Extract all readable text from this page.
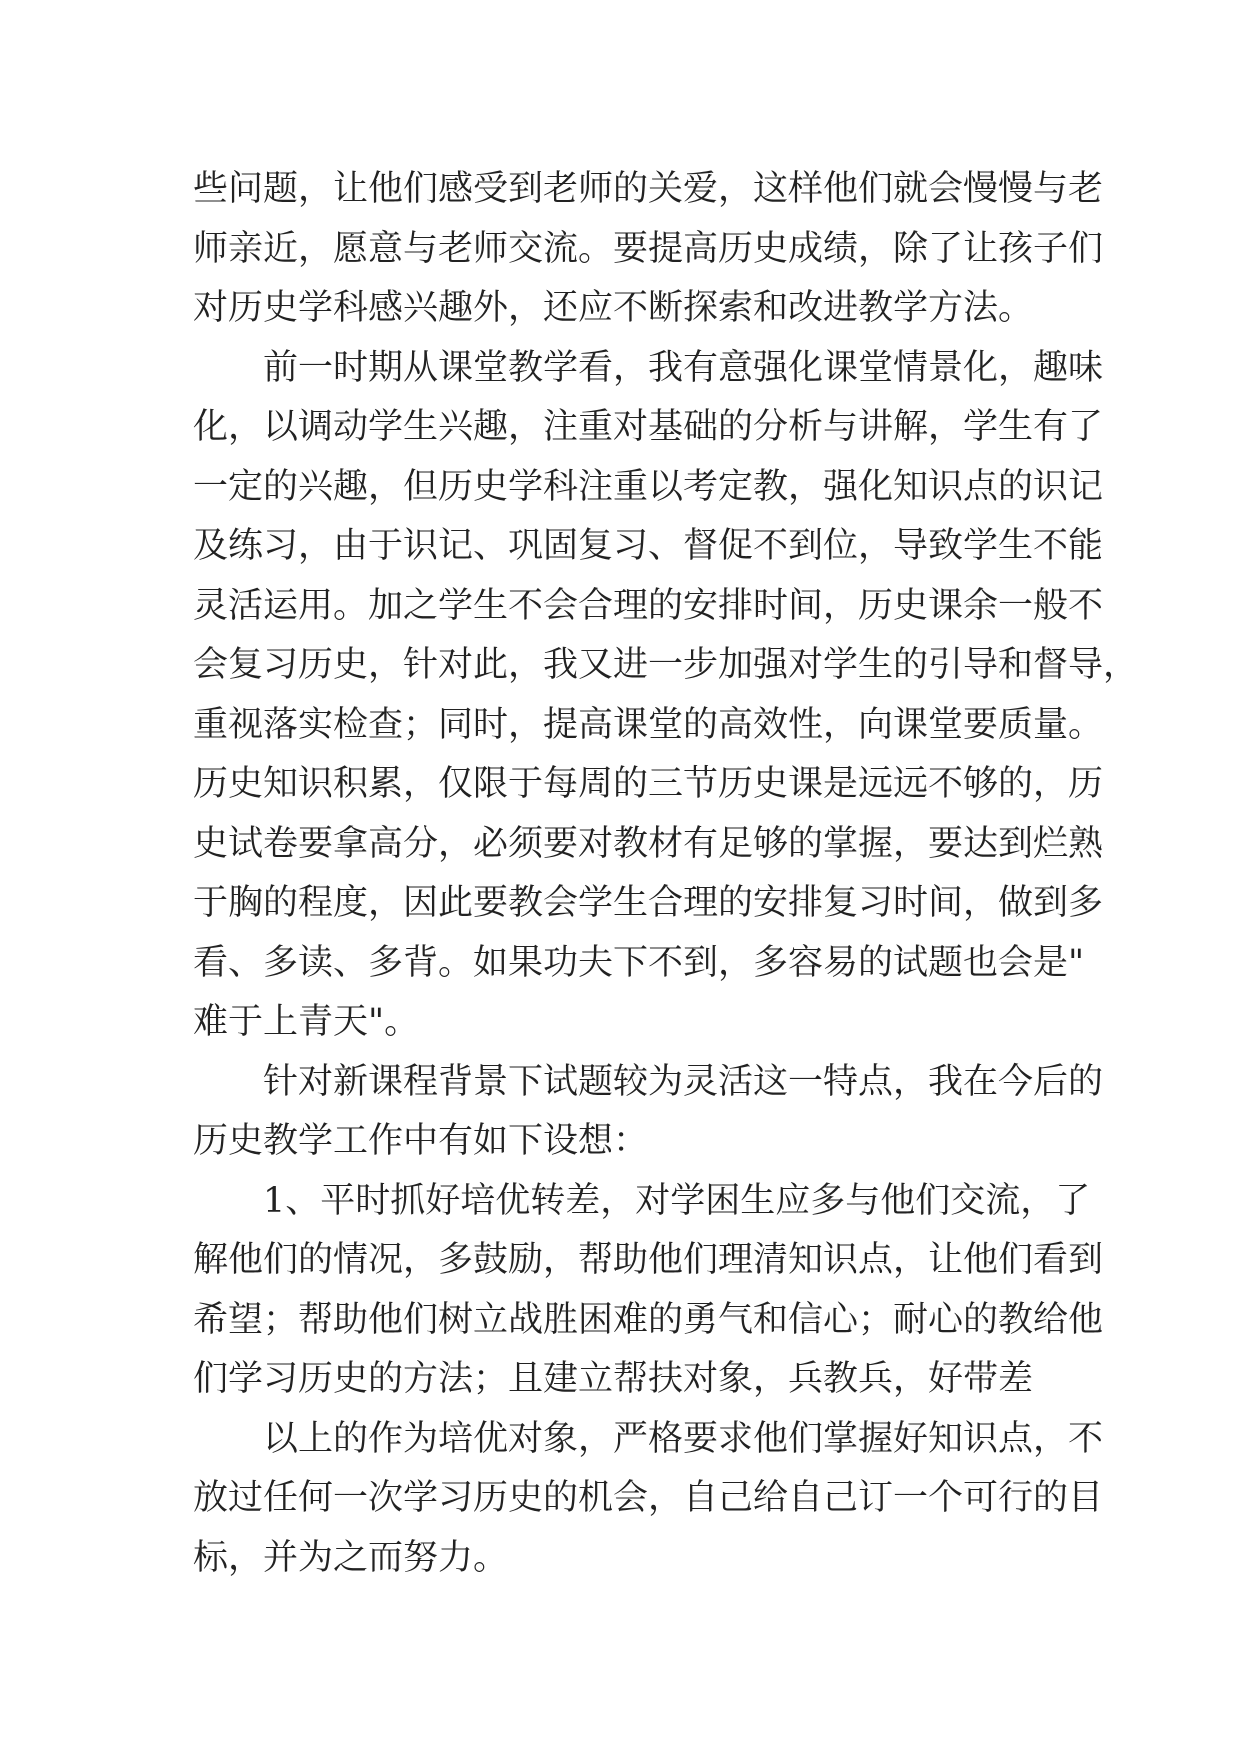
些问题，让他们感受到老师的关爱，这样他们就会慢慢与老
师亲近，愿意与老师交流。要提高历史成绩，除了让孩子们
对历史学科感兴趣外，还应不断探索和改进教学方法。
前一时期从课堂教学看，我有意强化课堂情景化，趣味
化，以调动学生兴趣，注重对基础的分析与讲解，学生有了
一定的兴趣，但历史学科注重以考定教，强化知识点的识记
及练习，由于识记、巩固复习、督促不到位，导致学生不能
灵活运用。加之学生不会合理的安排时间，历史课余一般不
会复习历史，针对此，我又进一步加强对学生的引导和督导，
重视落实检查；同时，提高课堂的高效性，向课堂要质量。
历史知识积累，仅限于每周的三节历史课是远远不够的，历
史试卷要拿高分，必须要对教材有足够的掌握，要达到烂熟
于胸的程度，因此要教会学生合理的安排复习时间，做到多
看、多读、多背。如果功夫下不到，多容易的试题也会是"
难于上青天"。
针对新课程背景下试题较为灵活这一特点，我在今后的
历史教学工作中有如下设想：
1、平时抓好培优转差，对学困生应多与他们交流，了
解他们的情况，多鼓励，帮助他们理清知识点，让他们看到
希望；帮助他们树立战胜困难的勇气和信心；耐心的教给他
们学习历史的方法；且建立帮扶对象，兵教兵，好带差
以上的作为培优对象，严格要求他们掌握好知识点，不
放过任何一次学习历史的机会，自己给自己订一个可行的目
标，并为之而努力。
